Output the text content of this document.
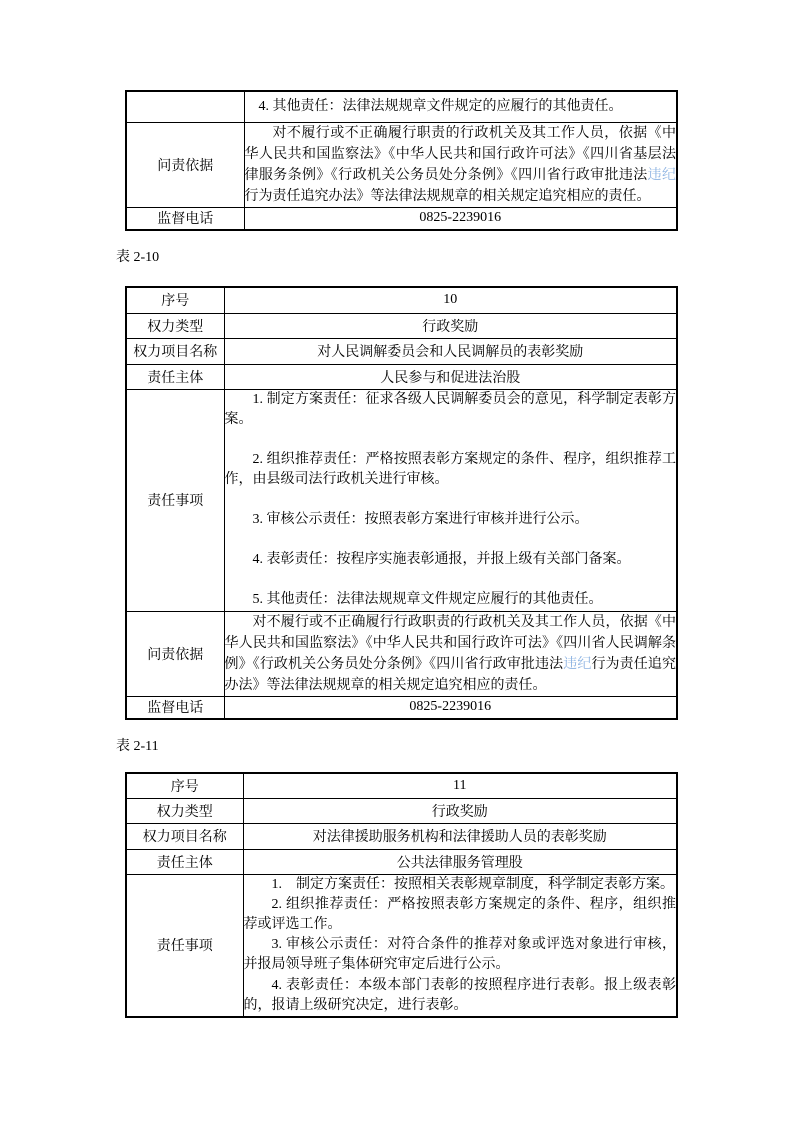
	4. 其他责任：法律法规规章文件规定的应履行的其他责任。

问责依据	对不履行或不正确履行职责的行政机关及其工作人员，依据《中华人民共和国监察法》《中华人民共和国行政许可法》《四川省基层法律服务条例》《行政机关公务员处分条例》《四川省行政审批违法违纪行为责任追究办法》等法律法规规章的相关规定追究相应的责任。

监督电话	0825-2239016
表 2-10
序号	10
权力类型	行政奖励
权力项目名称	对人民调解委员会和人民调解员的表彰奖励
责任主体	人民参与和促进法治股
责任事项	1. 制定方案责任：征求各级人民调解委员会的意见，科学制定表彰方案。

2. 组织推荐责任：严格按照表彰方案规定的条件、程序，组织推荐工作，由县级司法行政机关进行审核。

3. 审核公示责任：按照表彰方案进行审核并进行公示。

4. 表彰责任：按程序实施表彰通报，并报上级有关部门备案。

5. 其他责任：法律法规规章文件规定应履行的其他责任。

问责依据	对不履行或不正确履行行政职责的行政机关及其工作人员，依据《中华人民共和国监察法》《中华人民共和国行政许可法》《四川省人民调解条例》《行政机关公务员处分条例》《四川省行政审批违法违纪行为责任追究办法》等法律法规规章的相关规定追究相应的责任。

监督电话	0825-2239016
表 2-11
序号	11
权力类型	行政奖励
权力项目名称	对法律援助服务机构和法律援助人员的表彰奖励
责任主体	公共法律服务管理股
责任事项	1.　制定方案责任：按照相关表彰规章制度，科学制定表彰方案。

2. 组织推荐责任：严格按照表彰方案规定的条件、程序，组织推荐或评选工作。

3. 审核公示责任：对符合条件的推荐对象或评选对象进行审核，并报局领导班子集体研究审定后进行公示。

4. 表彰责任：本级本部门表彰的按照程序进行表彰。报上级表彰的，报请上级研究决定，进行表彰。
